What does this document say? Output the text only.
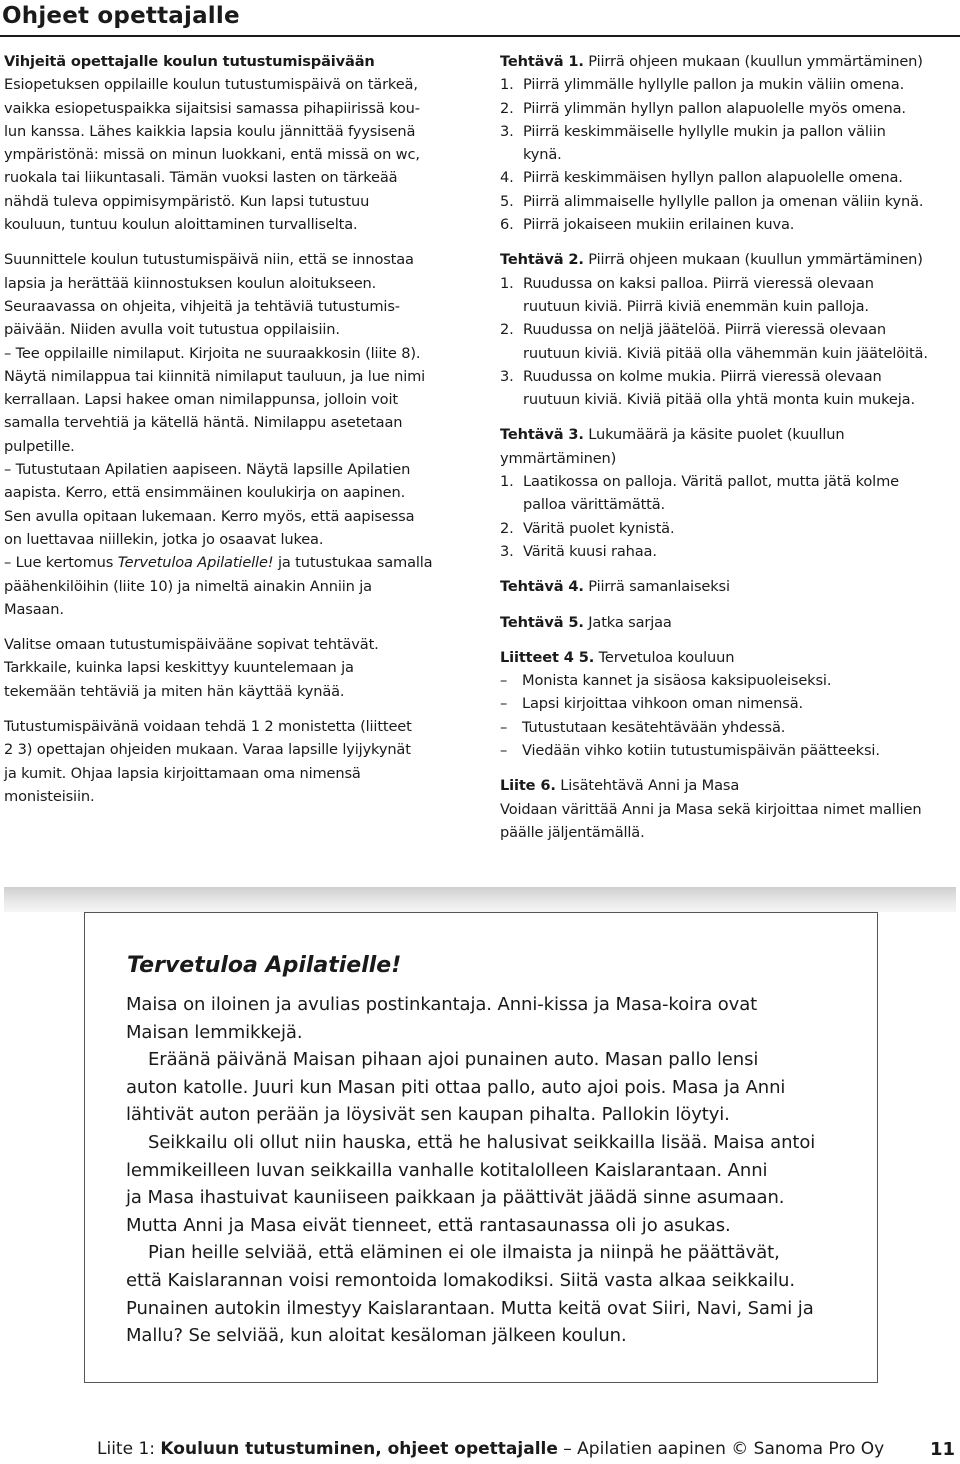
Ohjeet opettajalle

Vihjeitä opettajalle koulun tutustumispäivään

Esiopetuksen oppilaille koulun tutustumispäivä on tärkeä,

vaikka esiopetuspaikka sijaitsisi samassa pihapiirissä kou-

lun kanssa. Lähes kaikkia lapsia koulu jännittää fyysisenä

ympäristönä: missä on minun luokkani, entä missä on wc,

ruokala tai liikuntasali. Tämän vuoksi lasten on tärkeää

nähdä tuleva oppimisympäristö. Kun lapsi tutustuu

kouluun, tuntuu koulun aloittaminen turvalliselta.

Suunnittele koulun tutustumispäivä niin, että se innostaa

lapsia ja herättää kiinnostuksen koulun aloitukseen.

Seuraavassa on ohjeita, vihjeitä ja tehtäviä tutustumis-

päivään. Niiden avulla voit tutustua oppilaisiin.

– Tee oppilaille nimilaput. Kirjoita ne suuraakkosin (liite 8).

Näytä nimilappua tai kiinnitä nimilaput tauluun, ja lue nimi

kerrallaan. Lapsi hakee oman nimilappunsa, jolloin voit

samalla tervehtiä ja kätellä häntä. Nimilappu asetetaan

pulpetille.

– Tutustutaan Apilatien aapiseen. Näytä lapsille Apilatien

aapista. Kerro, että ensimmäinen koulukirja on aapinen.

Sen avulla opitaan lukemaan. Kerro myös, että aapisessa

on luettavaa niillekin, jotka jo osaavat lukea.

– Lue kertomus Tervetuloa Apilatielle! ja tutustukaa samalla

päähenkilöihin (liite 10) ja nimeltä ainakin Anniin ja

Masaan.

Valitse omaan tutustumispäivääne sopivat tehtävät.

Tarkkaile, kuinka lapsi keskittyy kuuntelemaan ja

tekemään tehtäviä ja miten hän käyttää kynää.

Tutustumispäivänä voidaan tehdä 1 2 monistetta (liitteet

2 3) opettajan ohjeiden mukaan. Varaa lapsille lyijykynät

ja kumit. Ohjaa lapsia kirjoittamaan oma nimensä

monisteisiin.

Tehtävä 1. Piirrä ohjeen mukaan (kuullun ymmärtäminen)

1. Piirrä ylimmälle hyllylle pallon ja mukin väliin omena.
2. Piirrä ylimmän hyllyn pallon alapuolelle myös omena.
3. Piirrä keskimmäiselle hyllylle mukin ja pallon väliin
kynä.
4. Piirrä keskimmäisen hyllyn pallon alapuolelle omena.
5. Piirrä alimmaiselle hyllylle pallon ja omenan väliin kynä.
6. Piirrä jokaiseen mukiin erilainen kuva.

Tehtävä 2. Piirrä ohjeen mukaan (kuullun ymmärtäminen)

1. Ruudussa on kaksi palloa. Piirrä vieressä olevaan
ruutuun kiviä. Piirrä kiviä enemmän kuin palloja.
2. Ruudussa on neljä jäätelöä. Piirrä vieressä olevaan
ruutuun kiviä. Kiviä pitää olla vähemmän kuin jäätelöitä.
3. Ruudussa on kolme mukia. Piirrä vieressä olevaan
ruutuun kiviä. Kiviä pitää olla yhtä monta kuin mukeja.

Tehtävä 3. Lukumäärä ja käsite puolet (kuullun

ymmärtäminen)

1. Laatikossa on palloja. Väritä pallot, mutta jätä kolme
palloa värittämättä.
2. Väritä puolet kynistä.
3. Väritä kuusi rahaa.

Tehtävä 4. Piirrä samanlaiseksi

Tehtävä 5. Jatka sarjaa

Liitteet 4 5. Tervetuloa kouluun

– Monista kannet ja sisäosa kaksipuoleiseksi.
– Lapsi kirjoittaa vihkoon oman nimensä.
– Tutustutaan kesätehtävään yhdessä.
– Viedään vihko kotiin tutustumispäivän päätteeksi.

Liite 6. Lisätehtävä Anni ja Masa

Voidaan värittää Anni ja Masa sekä kirjoittaa nimet mallien

päälle jäljentämällä.

Tervetuloa Apilatielle!

Maisa on iloinen ja avulias postinkantaja. Anni-kissa ja Masa-koira ovat

Maisan lemmikkejä.

Eräänä päivänä Maisan pihaan ajoi punainen auto. Masan pallo lensi

auton katolle. Juuri kun Masan piti ottaa pallo, auto ajoi pois. Masa ja Anni

lähtivät auton perään ja löysivät sen kaupan pihalta. Pallokin löytyi.

Seikkailu oli ollut niin hauska, että he halusivat seikkailla lisää. Maisa antoi

lemmikeilleen luvan seikkailla vanhalle kotitalolleen Kaislarantaan. Anni

ja Masa ihastuivat kauniiseen paikkaan ja päättivät jäädä sinne asumaan.

Mutta Anni ja Masa eivät tienneet, että rantasaunassa oli jo asukas.

Pian heille selviää, että eläminen ei ole ilmaista ja niinpä he päättävät,

että Kaislarannan voisi remontoida lomakodiksi. Siitä vasta alkaa seikkailu.

Punainen autokin ilmestyy Kaislarantaan. Mutta keitä ovat Siiri, Navi, Sami ja

Mallu? Se selviää, kun aloitat kesäloman jälkeen koulun.

Liite 1: Kouluun tutustuminen, ohjeet opettajalle – Apilatien aapinen © Sanoma Pro Oy	11
